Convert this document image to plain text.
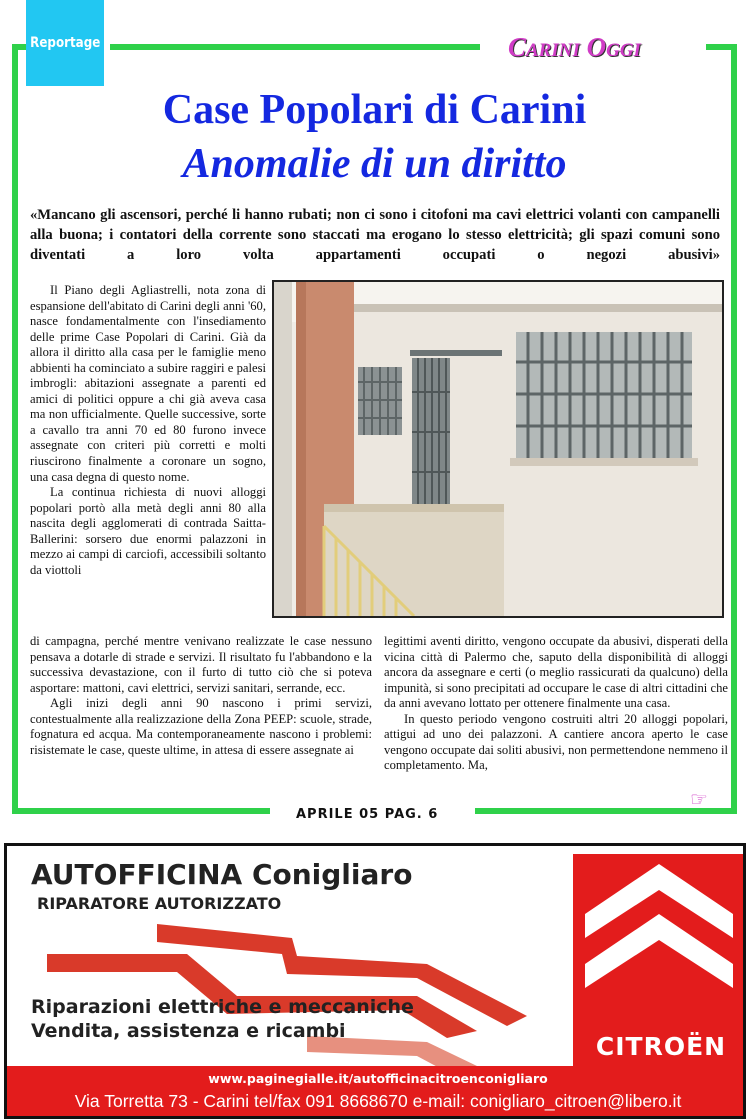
Reportage	Carini Oggi
Case Popolari di Carini
Anomalie di un diritto
«Mancano gli ascensori, perché li hanno rubati; non ci sono i citofoni ma cavi elettrici volanti con campanelli alla buona; i contatori della corrente sono staccati ma erogano lo stesso elettricità; gli spazi comuni sono diventati a loro volta appartamenti occupati o negozi abusivi»

Il Piano degli Agliastrelli, nota zona di espansione dell'abitato di Carini degli anni '60, nasce fondamentalmente con l'insediamento delle prime Case Popolari di Carini. Già da allora il diritto alla casa per le famiglie meno abbienti ha cominciato a subire raggiri e palesi imbrogli: abitazioni assegnate a parenti ed amici di politici oppure a chi già aveva casa ma non ufficialmente. Quelle successive, sorte a cavallo tra anni 70 ed 80 furono invece assegnate con criteri più corretti e molti riuscirono finalmente a coronare un sogno, una casa degna di questo nome.

La continua richiesta di nuovi alloggi popolari portò alla metà degli anni 80 alla nascita degli agglomerati di contrada Saitta-Ballerini: sorsero due enormi palazzoni in mezzo ai campi di carciofi, accessibili soltanto da viottoli

di campagna, perché mentre venivano realizzate le case nessuno pensava a dotarle di strade e servizi. Il risultato fu l'abbandono e la successiva devastazione, con il furto di tutto ciò che si poteva asportare: mattoni, cavi elettrici, servizi sanitari, serrande, ecc.

Agli inizi degli anni 90 nascono i primi servizi, contestualmente alla realizzazione della Zona PEEP: scuole, strade, fognatura ed acqua. Ma contemporaneamente nascono i problemi: risistemate le case, queste ultime, in attesa di essere assegnate ai

legittimi aventi diritto, vengono occupate da abusivi, disperati della vicina città di Palermo che, saputo della disponibilità di alloggi ancora da assegnare e certi (o meglio rassicurati da qualcuno) della impunità, si sono precipitati ad occupare le case di altri cittadini che da anni avevano lottato per ottenere finalmente una casa.

In questo periodo vengono costruiti altri 20 alloggi popolari, attigui ad uno dei palazzoni. A cantiere ancora aperto le case vengono occupate dai soliti abusivi, non permettendone nemmeno il completamento. Ma,

☞
APRILE 05 PAG. 6
AUTOFFICINA Conigliaro
RIPARATORE AUTORIZZATO
Riparazioni elettriche e meccaniche
Vendita, assistenza e ricambi
CITROËN
www.paginegialle.it/autofficinacitroenconigliaro
Via Torretta 73 - Carini tel/fax 091 8668670 e-mail: conigliaro_citroen@libero.it
